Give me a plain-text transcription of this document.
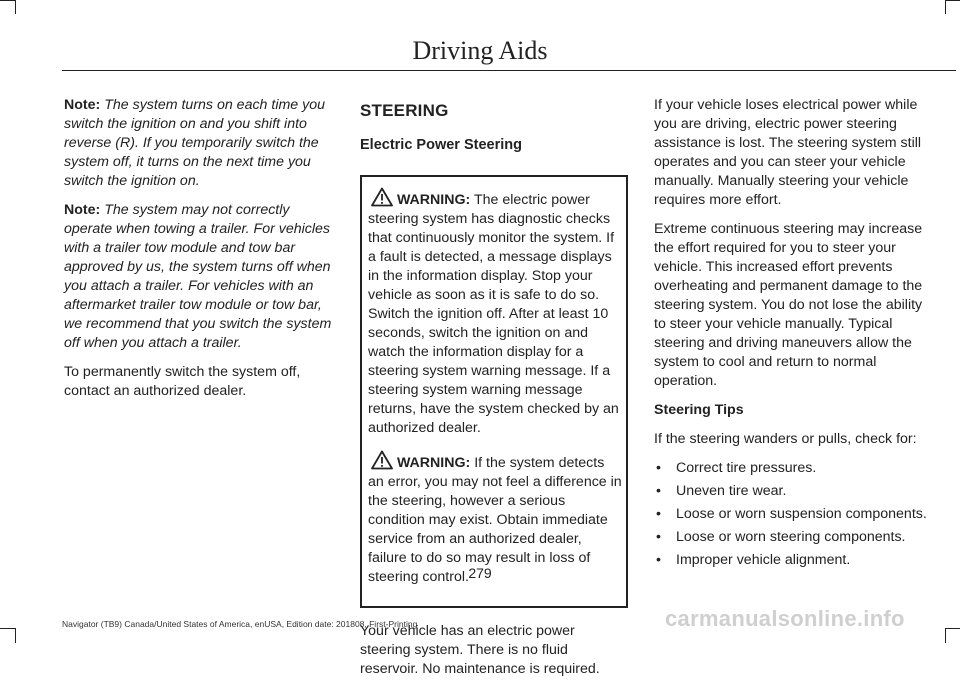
Driving Aids

Note: The system turns on each time you switch the ignition on and you shift into reverse (R). If you temporarily switch the system off, it turns on the next time you switch the ignition on.

Note: The system may not correctly operate when towing a trailer. For vehicles with a trailer tow module and tow bar approved by us, the system turns off when you attach a trailer. For vehicles with an aftermarket trailer tow module or tow bar, we recommend that you switch the system off when you attach a trailer.

To permanently switch the system off, contact an authorized dealer.

STEERING
Electric Power Steering

WARNING: The electric power steering system has diagnostic checks that continuously monitor the system. If a fault is detected, a message displays in the information display. Stop your vehicle as soon as it is safe to do so. Switch the ignition off. After at least 10 seconds, switch the ignition on and watch the information display for a steering system warning message. If a steering system warning message returns, have the system checked by an authorized dealer.

WARNING: If the system detects an error, you may not feel a difference in the steering, however a serious condition may exist. Obtain immediate service from an authorized dealer, failure to do so may result in loss of steering control.

Your vehicle has an electric power steering system. There is no fluid reservoir. No maintenance is required.

If your vehicle loses electrical power while you are driving, electric power steering assistance is lost. The steering system still operates and you can steer your vehicle manually. Manually steering your vehicle requires more effort.

Extreme continuous steering may increase the effort required for you to steer your vehicle. This increased effort prevents overheating and permanent damage to the steering system. You do not lose the ability to steer your vehicle manually. Typical steering and driving maneuvers allow the system to cool and return to normal operation.

Steering Tips

If the steering wanders or pulls, check for:

• Correct tire pressures.
• Uneven tire wear.
• Loose or worn suspension components.
• Loose or worn steering components.
• Improper vehicle alignment.
279
Navigator (TB9) Canada/United States of America, enUSA, Edition date: 201808, First-Printing	carmanualsonline.info
